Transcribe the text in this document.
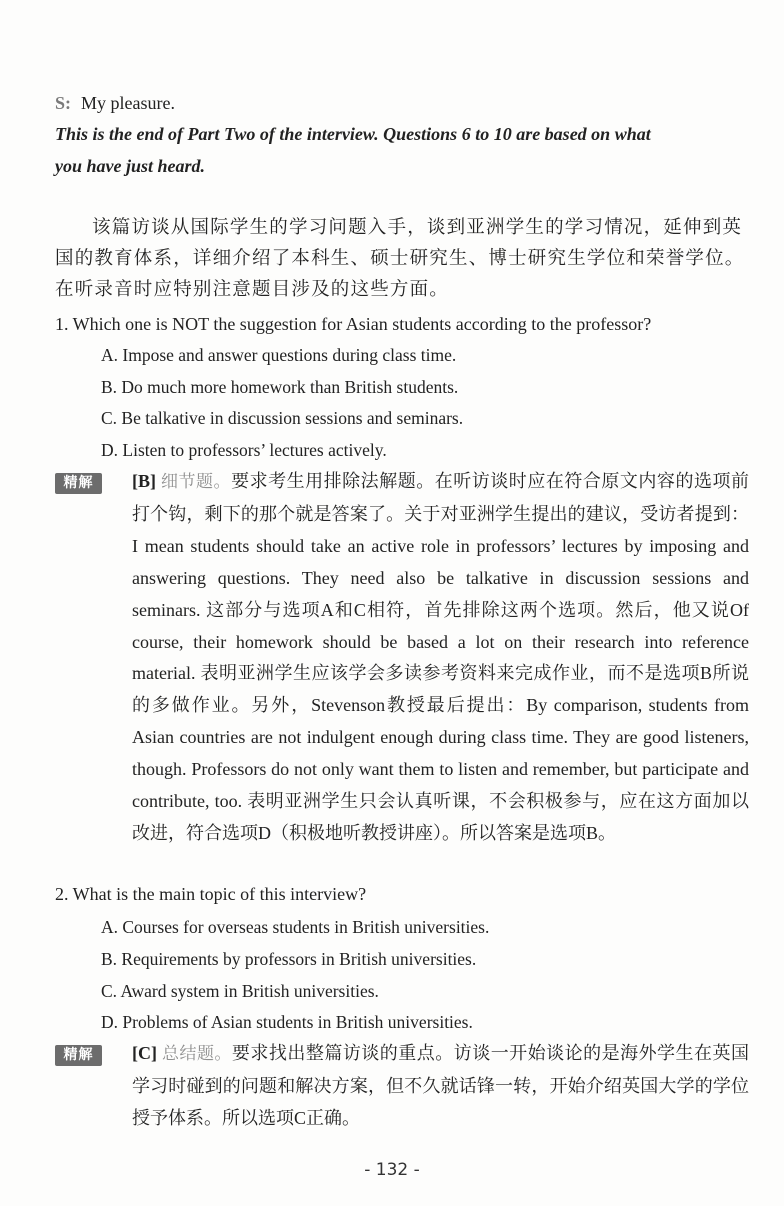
S: My pleasure.
This is the end of Part Two of the interview. Questions 6 to 10 are based on what
you have just heard.
该篇访谈从国际学生的学习问题入手，谈到亚洲学生的学习情况，延伸到英国的教育体系，详细介绍了本科生、硕士研究生、博士研究生学位和荣誉学位。在听录音时应特别注意题目涉及的这些方面。
1. Which one is NOT the suggestion for Asian students according to the professor?
A. Impose and answer questions during class time.
B. Do much more homework than British students.
C. Be talkative in discussion sessions and seminars.
D. Listen to professors’ lectures actively.
精解	[B] 细节题。要求考生用排除法解题。在听访谈时应在符合原文内容的选项前打个钩，剩下的那个就是答案了。关于对亚洲学生提出的建议，受访者提到：I mean students should take an active role in professors’ lectures by imposing and answering questions. They need also be talkative in discussion sessions and seminars. 这部分与选项A和C相符，首先排除这两个选项。然后，他又说Of course, their homework should be based a lot on their research into reference material. 表明亚洲学生应该学会多读参考资料来完成作业，而不是选项B所说的多做作业。另外，Stevenson教授最后提出：By comparison, students from Asian countries are not indulgent enough during class time. They are good listeners, though. Professors do not only want them to listen and remember, but participate and contribute, too. 表明亚洲学生只会认真听课，不会积极参与，应在这方面加以改进，符合选项D（积极地听教授讲座）。所以答案是选项B。
2. What is the main topic of this interview?
A. Courses for overseas students in British universities.
B. Requirements by professors in British universities.
C. Award system in British universities.
D. Problems of Asian students in British universities.
精解	[C] 总结题。要求找出整篇访谈的重点。访谈一开始谈论的是海外学生在英国学习时碰到的问题和解决方案，但不久就话锋一转，开始介绍英国大学的学位授予体系。所以选项C正确。
- 132 -
